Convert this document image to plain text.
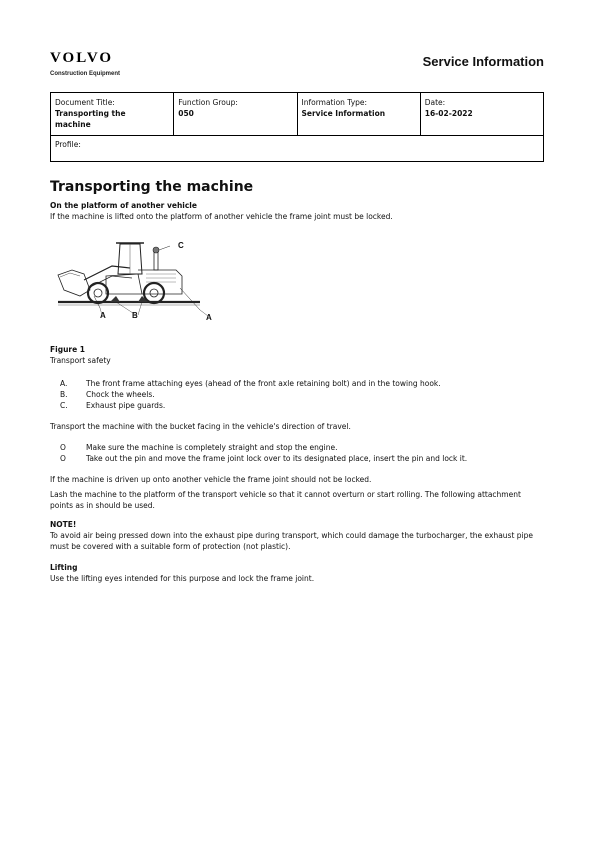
VOLVO
Construction Equipment
Service Information
Document Title:
Transporting the machine
Function Group:
050
Information Type:
Service Information
Date:
16-02-2022
Profile:
Transporting the machine
On the platform of another vehicle

If the machine is lifted onto the platform of another vehicle the frame joint must be locked.

A	B	A
C
Figure 1

Transport safety

A.	The front frame attaching eyes (ahead of the front axle retaining bolt) and in the towing hook.
B.	Chock the wheels.
C.	Exhaust pipe guards.

Transport the machine with the bucket facing in the vehicle's direction of travel.

O	Make sure the machine is completely straight and stop the engine.
O	Take out the pin and move the frame joint lock over to its designated place, insert the pin and lock it.

If the machine is driven up onto another vehicle the frame joint should not be locked.

Lash the machine to the platform of the transport vehicle so that it cannot overturn or start rolling. The following attachment points as in should be used.

NOTE!

To avoid air being pressed down into the exhaust pipe during transport, which could damage the turbocharger, the exhaust pipe must be covered with a suitable form of protection (not plastic).

Lifting

Use the lifting eyes intended for this purpose and lock the frame joint.
